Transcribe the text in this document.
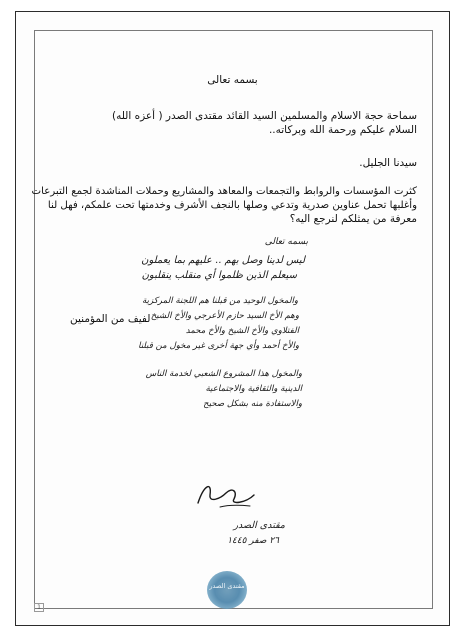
بسمه تعالى
سماحة حجة الاسلام والمسلمين السيد القائد مقتدى الصدر ( أعزه الله)
السلام عليكم ورحمة الله وبركاته..
سيدنا الجليل.
كثرت المؤسسات والروابط والتجمعات والمعاهد والمشاريع وحملات المناشدة لجمع التبرعات
وأغلبها تحمل عناوين صدرية وتدعي وصلها بالنجف الأشرف وخدمتها تحت علمكم، فهل لنا
معرفة من يمثلكم لنرجع اليه؟
لفيف من المؤمنين
بسمه تعالى
ليس لدينا وصل بهم .. عليهم بما يعملون
سيعلم الذين ظلموا أي منقلب ينقلبون
والمخول الوحيد من قبلنا هم اللجنة المركزية
وهم الأخ السيد حازم الأعرجي والأخ الشيخ
الفتلاوي والأخ الشيخ والأخ محمد
والأخ أحمد وأي جهة أخرى غير مخول من قبلنا
والمخول هذا المشروع الشعبي لخدمة الناس
الدينية والثقافية والاجتماعية
والاستفادة منه بشكل صحيح
مقتدى الصدر
٢٦ صفر ١٤٤٥
مقتدى الصدر
1
